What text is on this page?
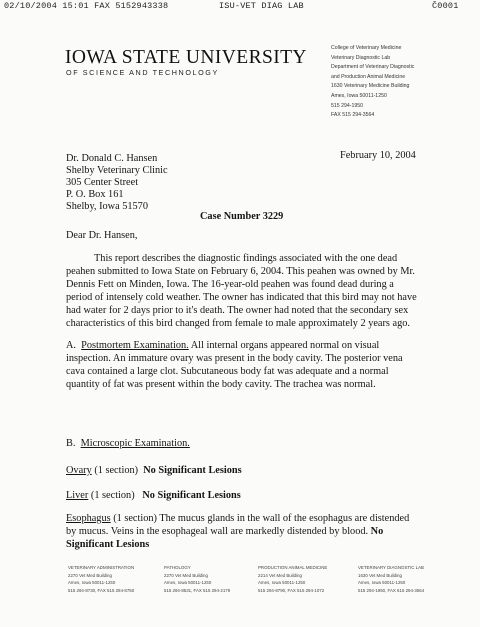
02/10/2004 15:01 FAX 5152943338	ISU-VET DIAG LAB	Ĉ0001
IOWA STATE UNIVERSITY
OF SCIENCE AND TECHNOLOGY
College of Veterinary Medicine
Veterinary Diagnostic Lab
Department of Veterinary Diagnostic
and Production Animal Medicine
1630 Veterinary Medicine Building
Ames, Iowa 50011-1250
515 294-1950
FAX 515 294-3564
February 10, 2004
Dr. Donald C. Hansen
Shelby Veterinary Clinic
305 Center Street
P. O. Box 161
Shelby, Iowa 51570
Case Number 3229
Dear Dr. Hansen,
This report describes the diagnostic findings associated with the one dead peahen submitted to Iowa State on February 6, 2004. This peahen was owned by Mr. Dennis Fett on Minden, Iowa. The 16-year-old peahen was found dead during a period of intensely cold weather. The owner has indicated that this bird may not have had water for 2 days prior to it's death. The owner had noted that the secondary sex characteristics of this bird changed from female to male approximately 2 years ago.
A. Postmortem Examination. All internal organs appeared normal on visual inspection. An immature ovary was present in the body cavity. The posterior vena cava contained a large clot. Subcutaneous body fat was adequate and a normal quantity of fat was present within the body cavity. The trachea was normal.
B. Microscopic Examination.
Ovary (1 section) No Significant Lesions
Liver (1 section) No Significant Lesions
Esophagus (1 section) The mucus glands in the wall of the esophagus are distended by mucus. Veins in the esophageal wall are markedly distended by blood. No Significant Lesions
VETERINARY ADMINISTRATION
2270 Vet Med Building
Ames, Iowa 50011-1250
515 294-8730, FAX 515 294-8750
PATHOLOGY
2270 Vet Med Building
Ames, Iowa 50011-1250
515 294-8531, FAX 515 294-2179
PRODUCTION ANIMAL MEDICINE
2214 Vet Med Building
Ames, Iowa 50011-1250
515 294-8790, FAX 515 294-1072
VETERINARY DIAGNOSTIC LAB
1630 Vet Med Building
Ames, Iowa 50011-1250
515 294-1950, FAX 515 294-3564
